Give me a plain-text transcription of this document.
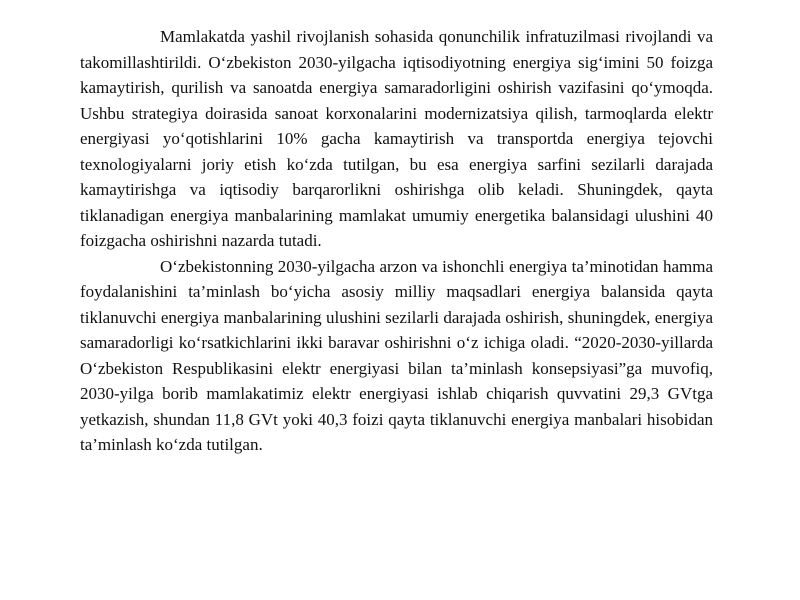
Mamlakatda yashil rivojlanish sohasida qonunchilik infratuzilmasi rivojlandi va takomillashtirildi. O‘zbekiston 2030-yilgacha iqtisodiyotning energiya sig‘imini 50 foizga kamaytirish, qurilish va sanoatda energiya samaradorligini oshirish vazifasini qo‘ymoqda. Ushbu strategiya doirasida sanoat korxonalarini modernizatsiya qilish, tarmoqlarda elektr energiyasi yo‘qotishlarini 10% gacha kamaytirish va transportda energiya tejovchi texnologiyalarni joriy etish ko‘zda tutilgan, bu esa energiya sarfini sezilarli darajada kamaytirishga va iqtisodiy barqarorlikni oshirishga olib keladi. Shuningdek, qayta tiklanadigan energiya manbalarining mamlakat umumiy energetika balansidagi ulushini 40 foizgacha oshirishni nazarda tutadi.

O‘zbekistonning 2030-yilgacha arzon va ishonchli energiya ta’minotidan hamma foydalanishini ta’minlash bo‘yicha asosiy milliy maqsadlari energiya balansida qayta tiklanuvchi energiya manbalarining ulushini sezilarli darajada oshirish, shuningdek, energiya samaradorligi ko‘rsatkichlarini ikki baravar oshirishni o‘z ichiga oladi. “2020-2030-yillarda O‘zbekiston Respublikasini elektr energiyasi bilan ta’minlash konsepsiyasi”ga muvofiq, 2030-yilga borib mamlakatimiz elektr energiyasi ishlab chiqarish quvvatini 29,3 GVtga yetkazish, shundan 11,8 GVt yoki 40,3 foizi qayta tiklanuvchi energiya manbalari hisobidan ta’minlash ko‘zda tutilgan.
